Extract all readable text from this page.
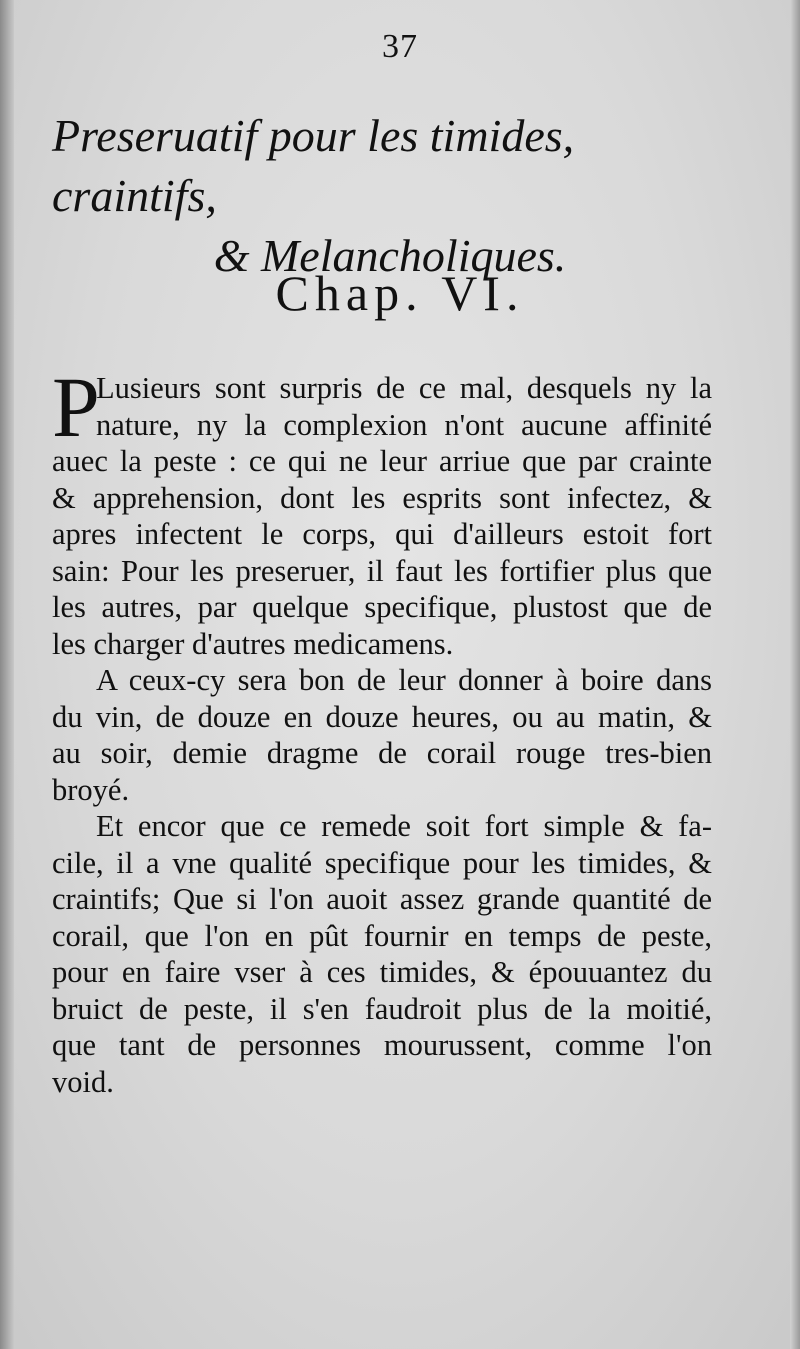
37
Preseruatif pour les timides, craintifs,
& Melancholiques.
Chap. VI.
P
Lusieurs sont surpris de ce mal, desquels ny la
nature, ny la complexion n'ont aucune affinité
auec la peste : ce qui ne leur arriue que par crainte
& apprehension, dont les esprits sont infectez, &
apres infectent le corps, qui d'ailleurs estoit fort
sain: Pour les preseruer, il faut les fortifier plus que
les autres, par quelque specifique, plustost que de
les charger d'autres medicamens.
A ceux-cy sera bon de leur donner à boire dans
du vin, de douze en douze heures, ou au matin, &
au soir, demie dragme de corail rouge tres-bien
broyé.
Et encor que ce remede soit fort simple & fa-
cile, il a vne qualité specifique pour les timides, &
craintifs; Que si l'on auoit assez grande quantité de
corail, que l'on en pût fournir en temps de peste,
pour en faire vser à ces timides, & épouuantez du
bruict de peste, il s'en faudroit plus de la moitié,
que tant de personnes mourussent, comme l'on
void.
